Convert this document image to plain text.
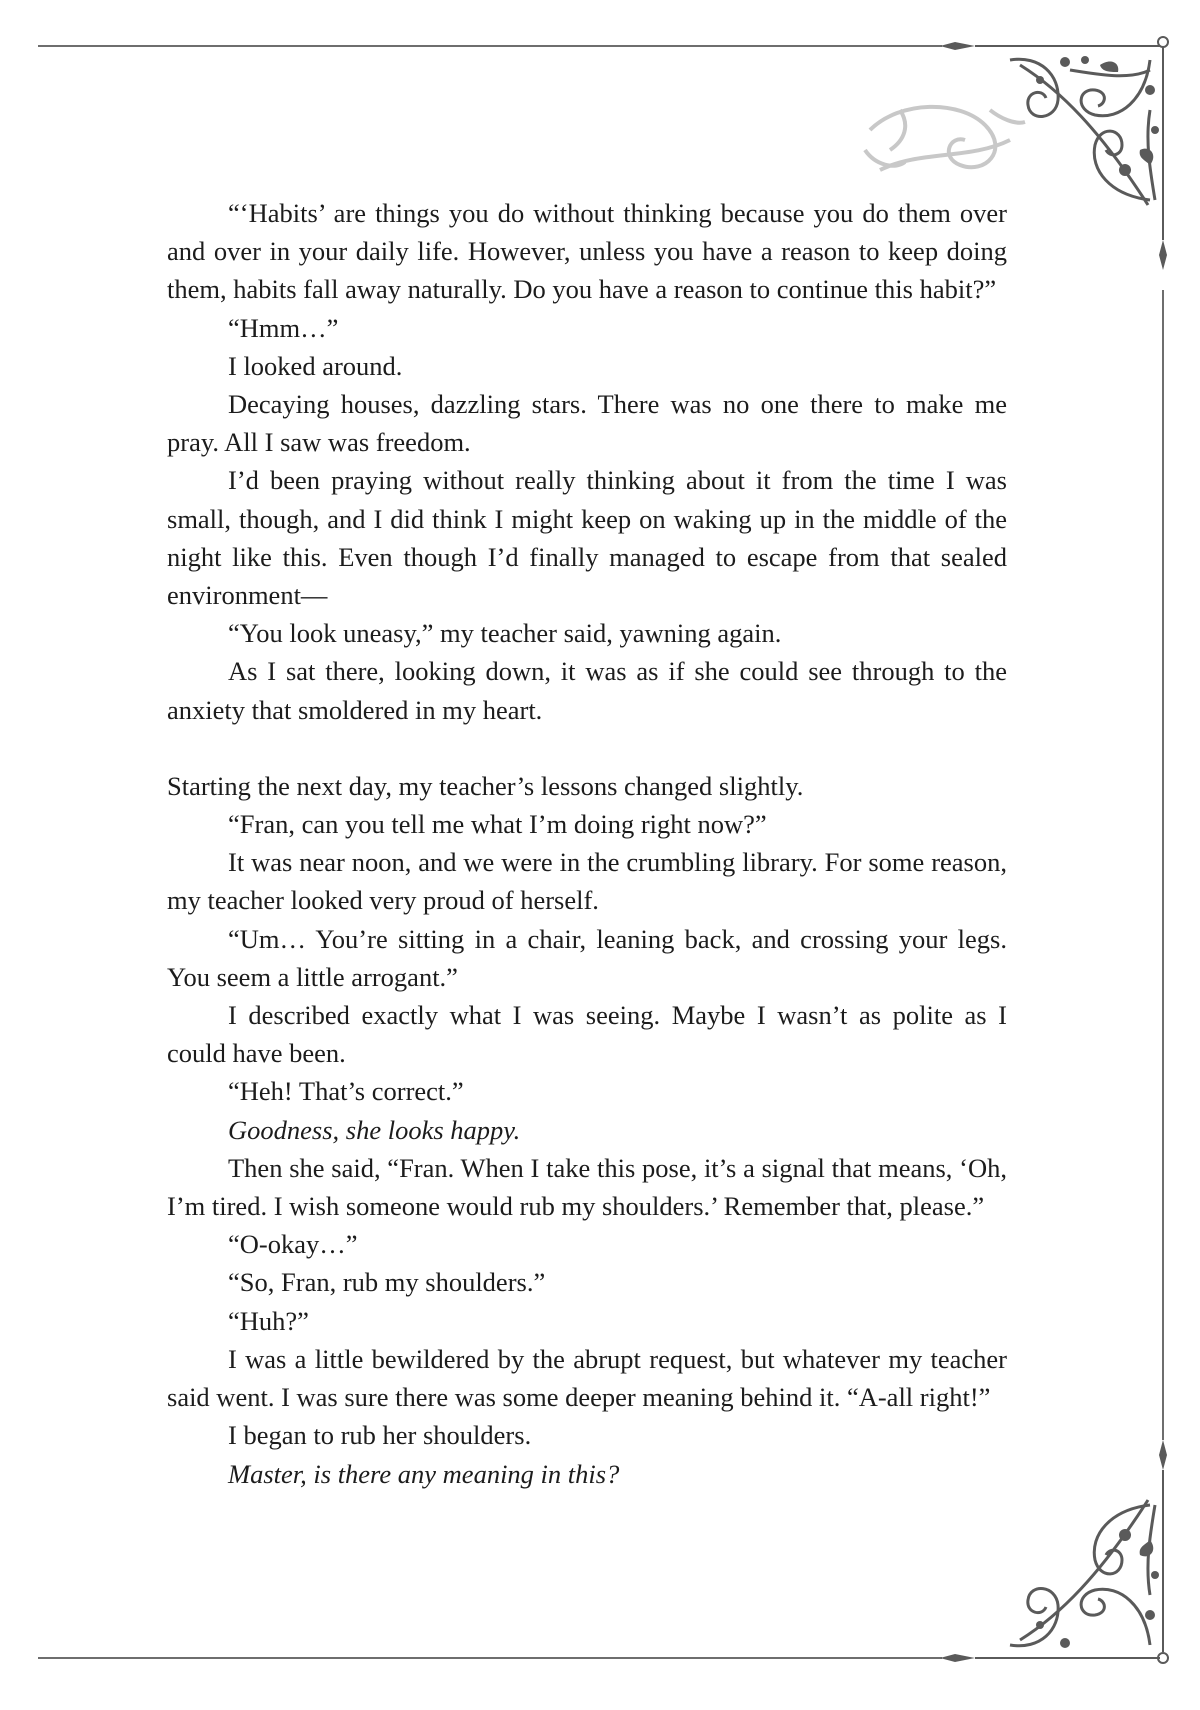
“‘Habits’ are things you do without thinking because you do them over and over in your daily life. However, unless you have a reason to keep doing them, habits fall away naturally. Do you have a reason to continue this habit?”

“Hmm…”

I looked around.

Decaying houses, dazzling stars. There was no one there to make me pray. All I saw was freedom.

I’d been praying without really thinking about it from the time I was small, though, and I did think I might keep on waking up in the middle of the night like this. Even though I’d finally managed to escape from that sealed environment—

“You look uneasy,” my teacher said, yawning again.

As I sat there, looking down, it was as if she could see through to the anxiety that smoldered in my heart.

Starting the next day, my teacher’s lessons changed slightly.

“Fran, can you tell me what I’m doing right now?”

It was near noon, and we were in the crumbling library. For some reason, my teacher looked very proud of herself.

“Um… You’re sitting in a chair, leaning back, and crossing your legs. You seem a little arrogant.”

I described exactly what I was seeing. Maybe I wasn’t as polite as I could have been.

“Heh! That’s correct.”

Goodness, she looks happy.

Then she said, “Fran. When I take this pose, it’s a signal that means, ‘Oh, I’m tired. I wish someone would rub my shoulders.’ Remember that, please.”

“O-okay…”

“So, Fran, rub my shoulders.”

“Huh?”

I was a little bewildered by the abrupt request, but whatever my teacher said went. I was sure there was some deeper meaning behind it. “A-all right!”

I began to rub her shoulders.

Master, is there any meaning in this?
